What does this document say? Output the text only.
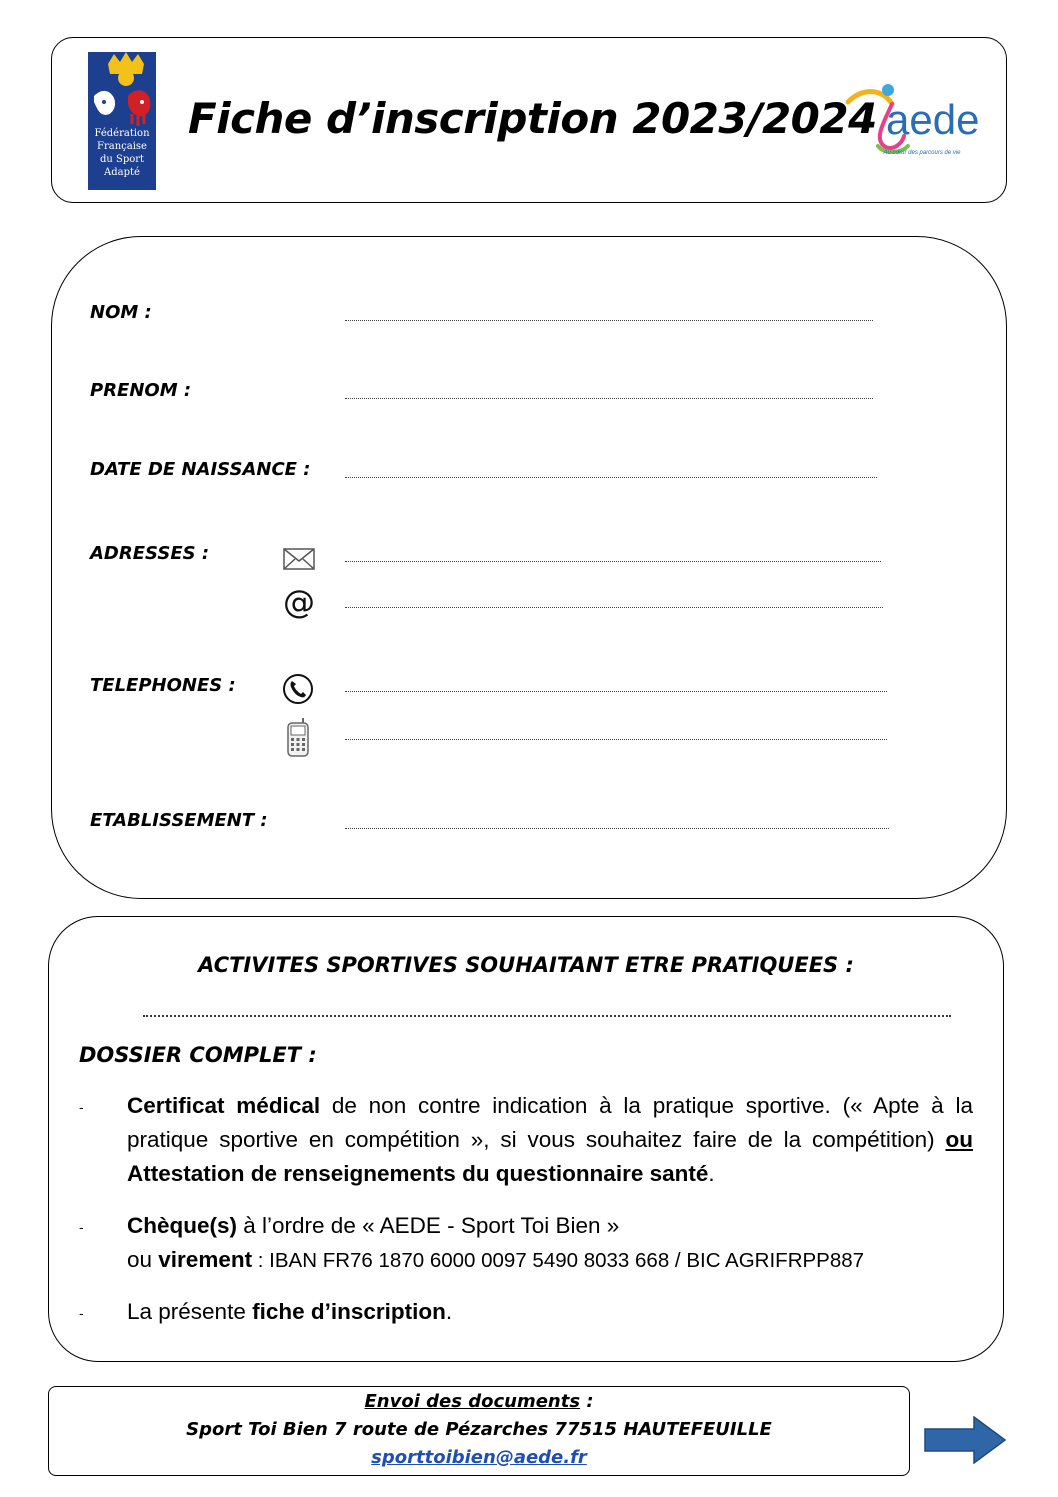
Fédération
Française
du Sport
Adapté
Fiche d’inscription 2023/2024 aede
Au cœur des parcours de vie
NOM :
PRENOM :
DATE DE NAISSANCE :
ADRESSES :
@
TELEPHONES :
ETABLISSEMENT :
ACTIVITES SPORTIVES SOUHAITANT ETRE PRATIQUEES :
DOSSIER COMPLET :
- Certificat médical de non contre indication à la pratique sportive. (« Apte à la pratique sportive en compétition », si vous souhaitez faire de la compétition) ou Attestation de renseignements du questionnaire santé.
- Chèque(s) à l’ordre de « AEDE - Sport Toi Bien »
ou virement : IBAN FR76 1870 6000 0097 5490 8033 668 / BIC AGRIFRPP887
- La présente fiche d’inscription.
Envoi des documents :
Sport Toi Bien 7 route de Pézarches 77515 HAUTEFEUILLE
sporttoibien@aede.fr
